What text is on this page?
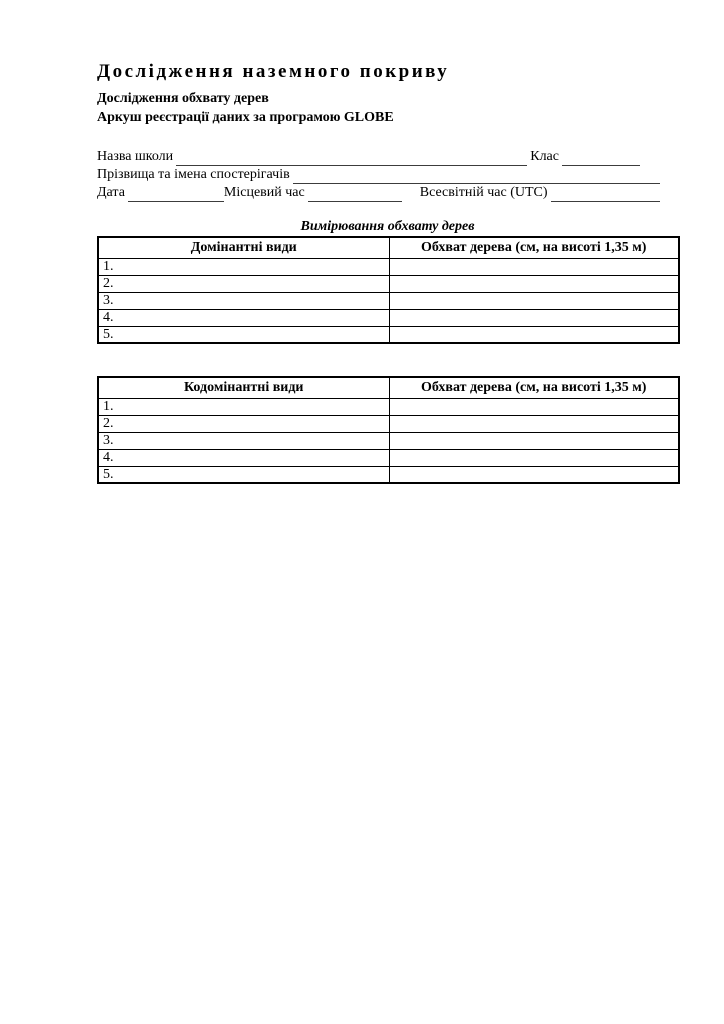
Дослідження наземного покриву
Дослідження обхвату дерев
Аркуш реєстрації даних за програмою GLOBE
Назва школи	Клас
Прізвища та імена спостерігачів
Дата	Місцевий час	Всесвітній час (UTC)
Вимірювання обхвату дерев
Домінантні види	Обхват дерева (см, на висоті 1,35 м)
1.	
2.	
3.	
4.	
5.	
Кодомінантні види	Обхват дерева (см, на висоті 1,35 м)
1.	
2.	
3.	
4.	
5.	
